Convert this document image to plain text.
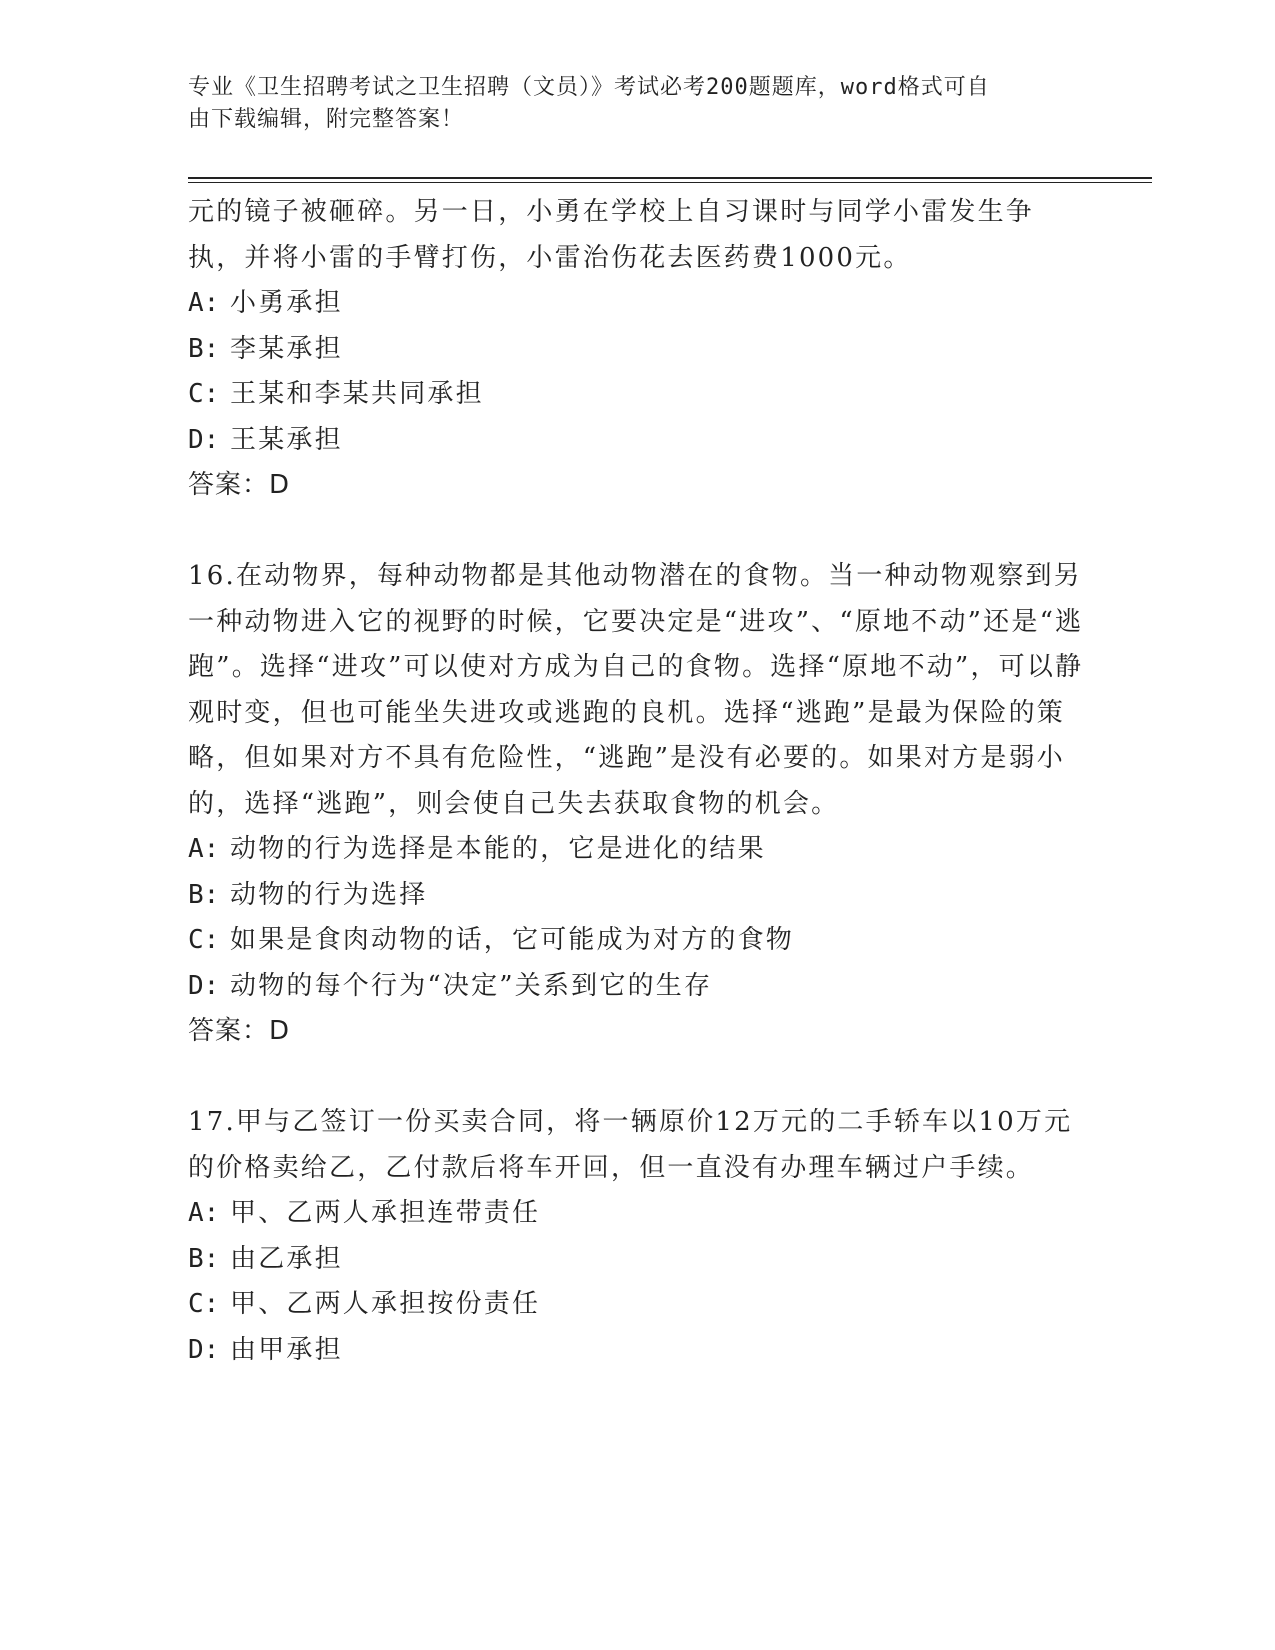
专业《卫生招聘考试之卫生招聘（文员）》考试必考200题题库，word格式可自
由下载编辑，附完整答案！

元的镜子被砸碎。另一日，小勇在学校上自习课时与同学小雷发生争执，并将小雷的手臂打伤，小雷治伤花去医药费1000元。

A: 小勇承担
B: 李某承担
C: 王某和李某共同承担
D: 王某承担
答案：D

16.在动物界，每种动物都是其他动物潜在的食物。当一种动物观察到另一种动物进入它的视野的时候，它要决定是“进攻”、“原地不动”还是“逃跑”。选择“进攻”可以使对方成为自己的食物。选择“原地不动”，可以静观时变，但也可能坐失进攻或逃跑的良机。选择“逃跑”是最为保险的策略，但如果对方不具有危险性，“逃跑”是没有必要的。如果对方是弱小的，选择“逃跑”，则会使自己失去获取食物的机会。

A: 动物的行为选择是本能的，它是进化的结果
B: 动物的行为选择
C: 如果是食肉动物的话，它可能成为对方的食物
D: 动物的每个行为“决定”关系到它的生存
答案：D

17.甲与乙签订一份买卖合同，将一辆原价12万元的二手轿车以10万元的价格卖给乙，乙付款后将车开回，但一直没有办理车辆过户手续。

A: 甲、乙两人承担连带责任
B: 由乙承担
C: 甲、乙两人承担按份责任
D: 由甲承担
